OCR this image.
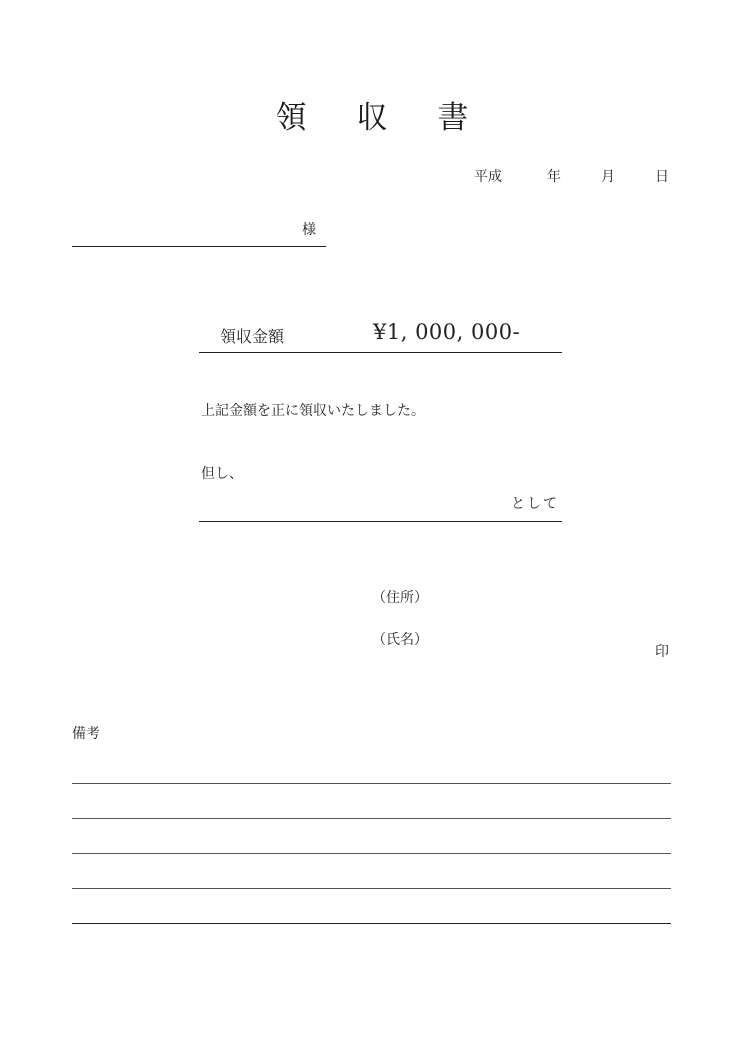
領 収 書
平成	年	月	日
様
領収金額	¥1, 000, 000-
上記金額を正に領収いたしました。
但し、
として
（住所）
（氏名）
印
備考
